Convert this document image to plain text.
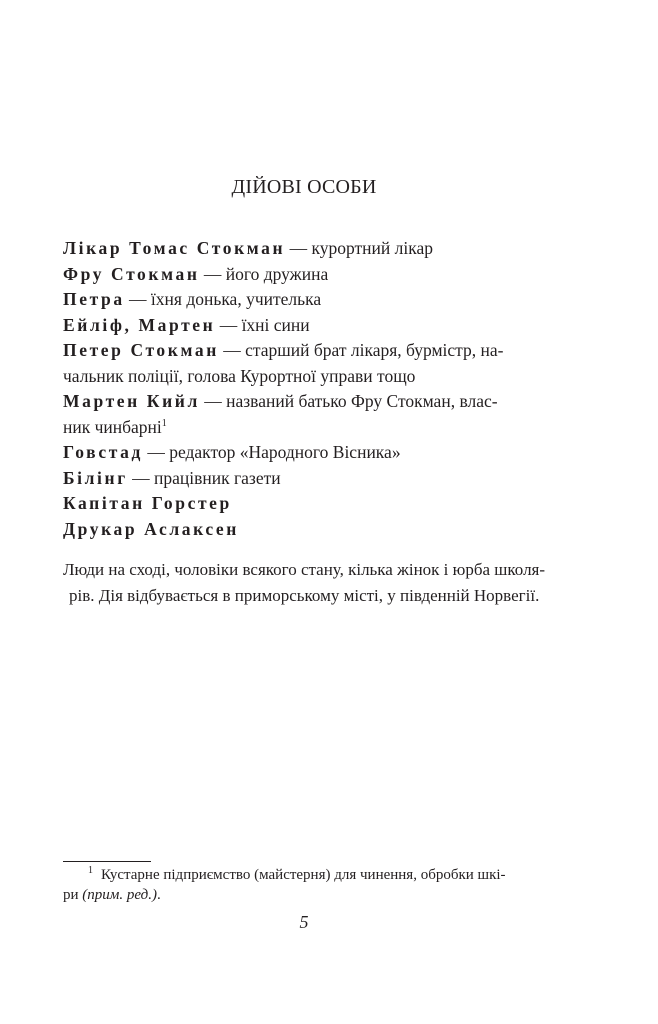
ДІЙОВІ ОСОБИ

Лікар Томас Стокман — курортний лікар

Фру Стокман — його дружина

Петра — їхня донька, учителька

Ейліф, Мартен — їхні сини

Петер Стокман — старший брат лікаря, бурмістр, на-

чальник поліції, голова Курортної управи тощо

Мартен Кийл — названий батько Фру Стокман, влас-

ник чинбарні$^1$

Говстад — редактор «Народного Вісника»

Білінг — працівник газети

Капітан Горстер

Друкар Аслаксен

Люди на сході, чоловіки всякого стану, кілька жінок і юрба школя-
рів. Дія відбувається в приморському місті, у південній Норвегії.
1 Кустарне підприємство (майстерня) для чинення, обробки шкі-
ри (прим. ред.).
5
